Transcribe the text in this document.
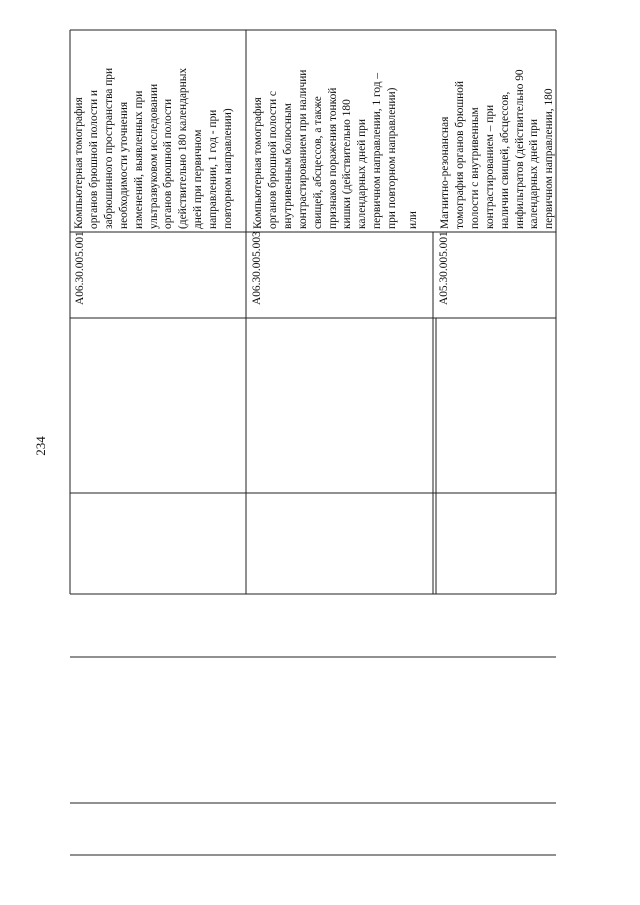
234
A06.30.005.001
Компьютерная томография
органов брюшной полости и
забрюшинного пространства при
необходимости уточнения
изменений, выявленных при
ультразвуковом исследовании
органов брюшной полости
(действительно 180 календарных
дней при первичном
направлении, 1 год - при
повторном направлении)
A06.30.005.003
Компьютерная томография
органов брюшной полости с
внутривенным болюсным
контрастированием при наличии
свищей, абсцессов, а также
признаков поражения тонкой
кишки (действительно 180
календарных дней при
первичном направлении, 1 год –
при повторном направлении)
или
A05.30.005.001
Магнитно-резонансная
томография органов брюшной
полости с внутривенным
контрастированием – при
наличии свищей, абсцессов,
инфильтратов (действительно 90
календарных дней при
первичном направлении, 180
